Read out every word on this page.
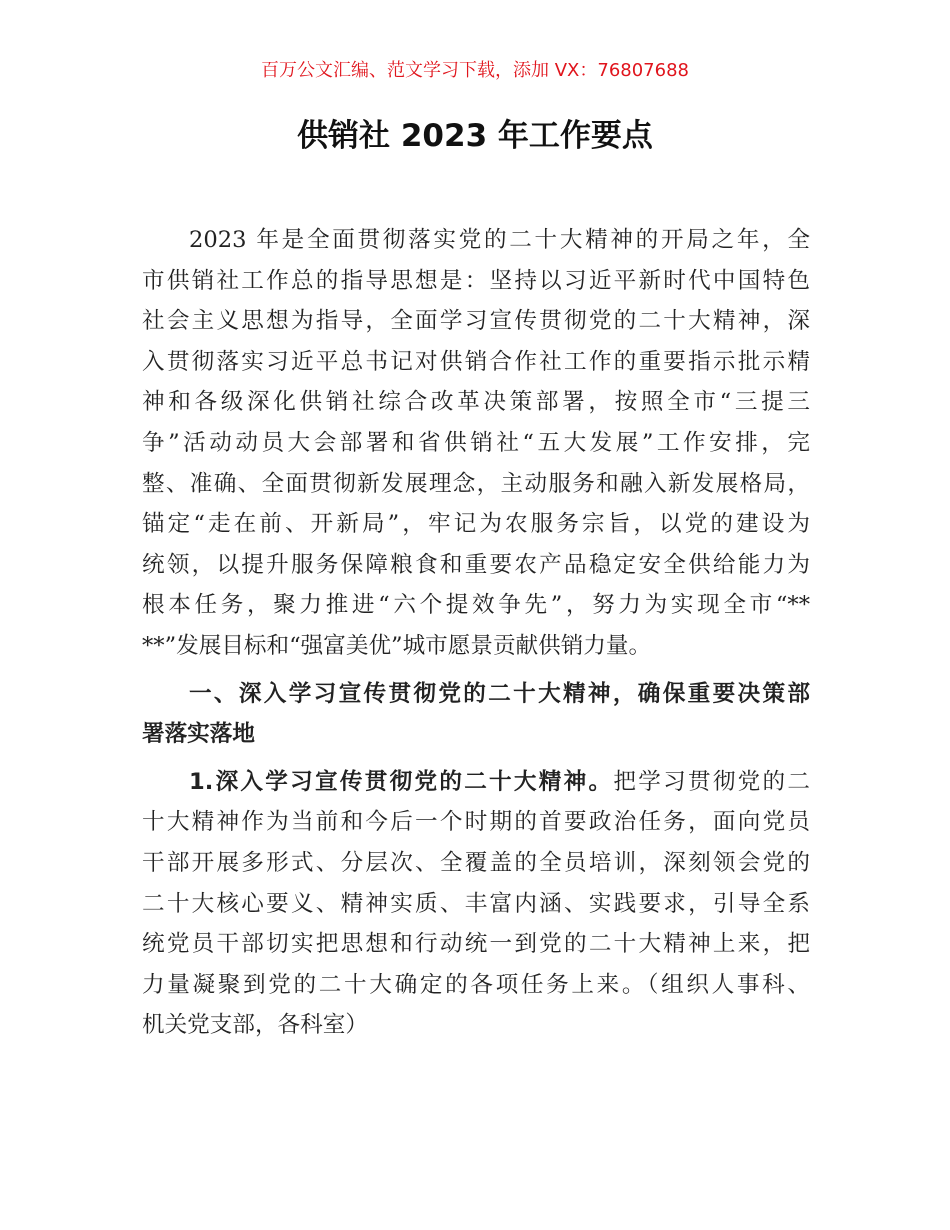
百万公文汇编、范文学习下载，添加 VX：76807688
供销社 2023 年工作要点
2023 年是全面贯彻落实党的二十大精神的开局之年，全
市供销社工作总的指导思想是：坚持以习近平新时代中国特色
社会主义思想为指导，全面学习宣传贯彻党的二十大精神，深
入贯彻落实习近平总书记对供销合作社工作的重要指示批示精
神和各级深化供销社综合改革决策部署，按照全市“三提三
争”活动动员大会部署和省供销社“五大发展”工作安排，完
整、准确、全面贯彻新发展理念，主动服务和融入新发展格局，
锚定“走在前、开新局”，牢记为农服务宗旨，以党的建设为
统领，以提升服务保障粮食和重要农产品稳定安全供给能力为
根本任务，聚力推进“六个提效争先”，努力为实现全市“**
**”发展目标和“强富美优”城市愿景贡献供销力量。
一、深入学习宣传贯彻党的二十大精神，确保重要决策部
署落实落地
1.深入学习宣传贯彻党的二十大精神。把学习贯彻党的二
十大精神作为当前和今后一个时期的首要政治任务，面向党员
干部开展多形式、分层次、全覆盖的全员培训，深刻领会党的
二十大核心要义、精神实质、丰富内涵、实践要求，引导全系
统党员干部切实把思想和行动统一到党的二十大精神上来，把
力量凝聚到党的二十大确定的各项任务上来。（组织人事科、
机关党支部，各科室）
